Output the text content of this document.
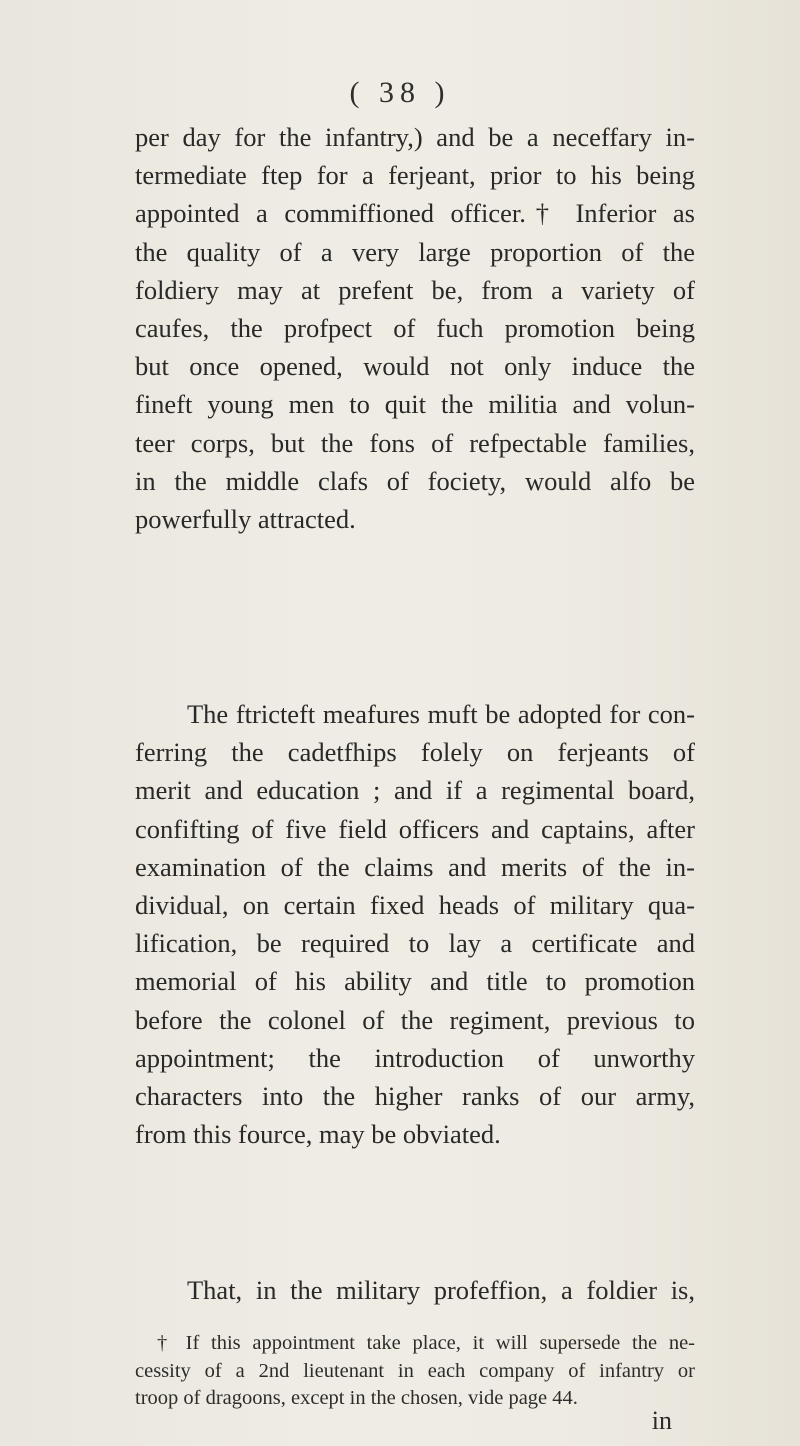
( 38 )
per day for the infantry,) and be a neceffary in-
termediate ftep for a ferjeant, prior to his being
appointed a commiffioned officer.† Inferior as
the quality of a very large proportion of the
foldiery may at prefent be, from a variety of
caufes, the profpect of fuch promotion being
but once opened, would not only induce the
fineft young men to quit the militia and volun-
teer corps, but the fons of refpectable families,
in the middle clafs of fociety, would alfo be
powerfully attracted.
The ftricteft meafures muft be adopted for con-
ferring the cadetfhips folely on ferjeants of
merit and education ; and if a regimental board,
confifting of five field officers and captains, after
examination of the claims and merits of the in-
dividual, on certain fixed heads of military qua-
lification, be required to lay a certificate and
memorial of his ability and title to promotion
before the colonel of the regiment, previous to
appointment; the introduction of unworthy
characters into the higher ranks of our army,
from this fource, may be obviated.
That, in the military profeffion, a foldier is,
† If this appointment take place, it will supersede the ne-
cessity of a 2nd lieutenant in each company of infantry or
troop of dragoons, except in the chosen, vide page 44.
in
